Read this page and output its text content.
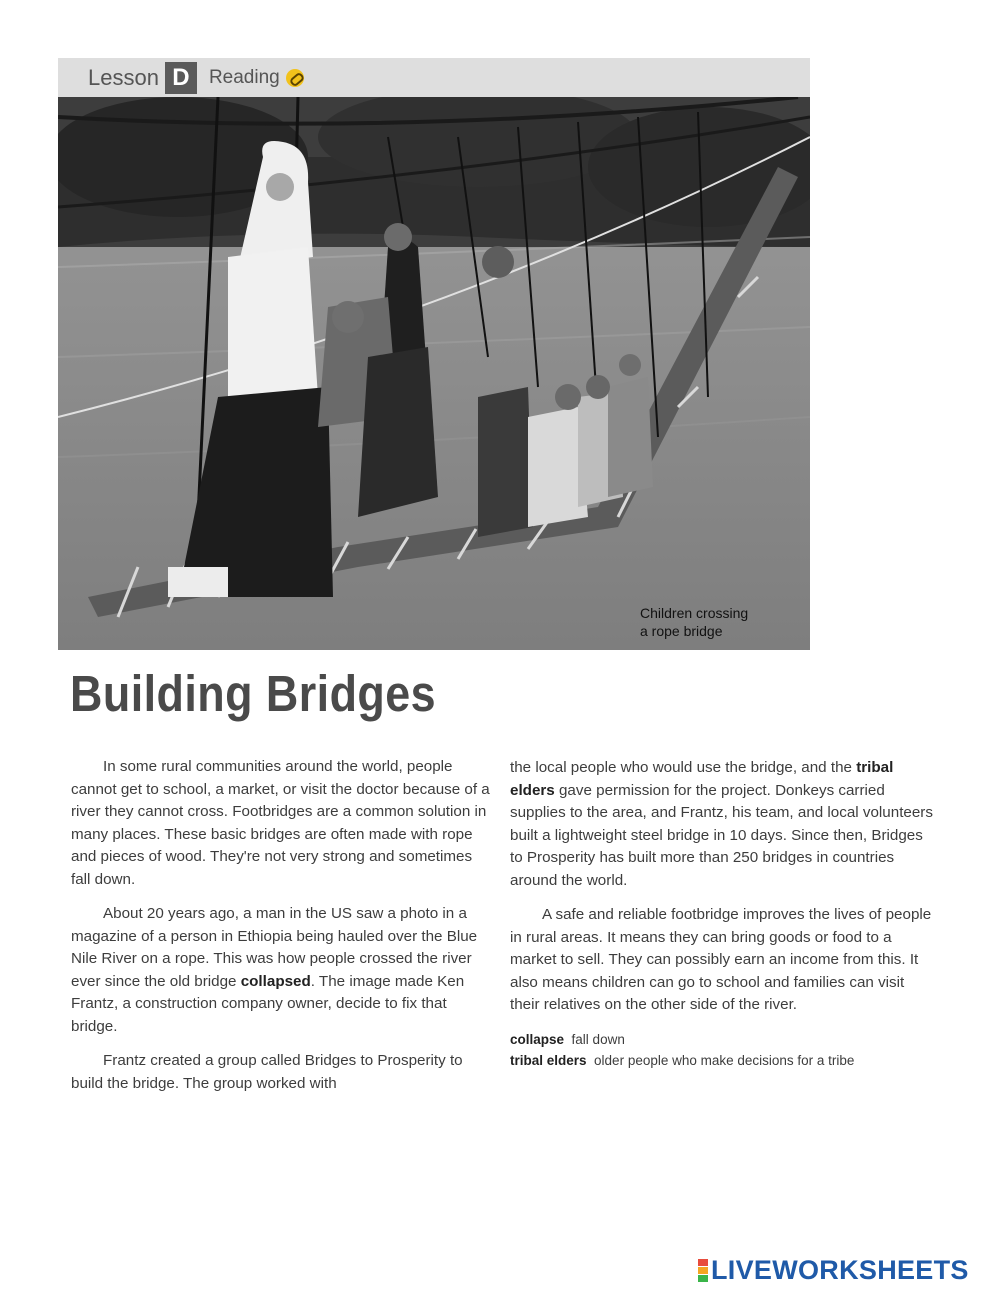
Lesson D	Reading
Children crossing
a rope bridge
Building Bridges

In some rural communities around the world, people cannot get to school, a market, or visit the doctor because of a river they cannot cross. Footbridges are a common solution in many places. These basic bridges are often made with rope and pieces of wood. They're not very strong and sometimes fall down.

About 20 years ago, a man in the US saw a photo in a magazine of a person in Ethiopia being hauled over the Blue Nile River on a rope. This was how people crossed the river ever since the old bridge collapsed. The image made Ken Frantz, a construction company owner, decide to fix that bridge.

Frantz created a group called Bridges to Prosperity to build the bridge. The group worked with

the local people who would use the bridge, and the tribal elders gave permission for the project. Donkeys carried supplies to the area, and Frantz, his team, and local volunteers built a lightweight steel bridge in 10 days. Since then, Bridges to Prosperity has built more than 250 bridges in countries around the world.

A safe and reliable footbridge improves the lives of people in rural areas. It means they can bring goods or food to a market to sell. They can possibly earn an income from this. It also means children can go to school and families can visit their relatives on the other side of the river.

collapse fall down
tribal elders older people who make decisions for a tribe
LIVEWORKSHEETS
